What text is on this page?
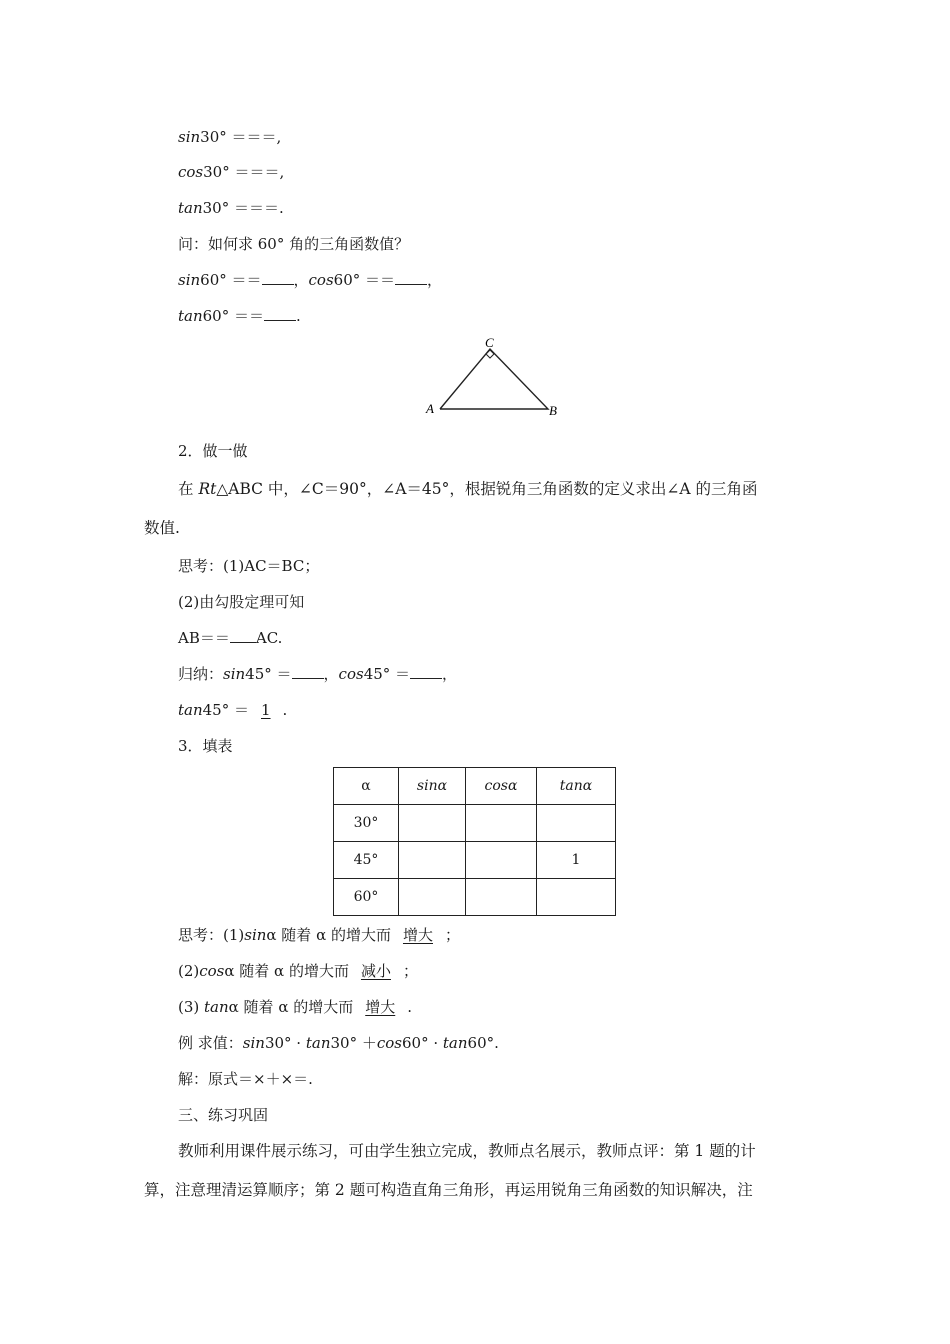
sin30° ＝＝＝,
cos30° ＝＝＝,
tan30° ＝＝＝.
问：如何求 60° 角的三角函数值？
sin60° ＝＝ ，cos60° ＝＝ ，
tan60° ＝＝ .
A	B
C
2．做一做
在 Rt△ABC 中，∠C＝90°，∠A＝45°，根据锐角三角函数的定义求出∠A 的三角函
数值.
思考：(1)AC＝BC；
(2)由勾股定理可知
AB＝＝ AC.
归纳：sin45° ＝ ，cos45° ＝ ，
tan45° ＝ 1 .
3．填表
α	sinα	cosα	tanα
30°			
45°			1
60°			
思考：(1)sinα 随着 α 的增大而 增大 ；
(2)cosα 随着 α 的增大而 减小 ；
(3) tanα 随着 α 的增大而 增大 .
例 求值：sin30° · tan30° ＋cos60° · tan60°.
解：原式＝×＋×＝.
三、练习巩固
教师利用课件展示练习，可由学生独立完成，教师点名展示，教师点评：第 1 题的计
算，注意理清运算顺序；第 2 题可构造直角三角形，再运用锐角三角函数的知识解决，注
